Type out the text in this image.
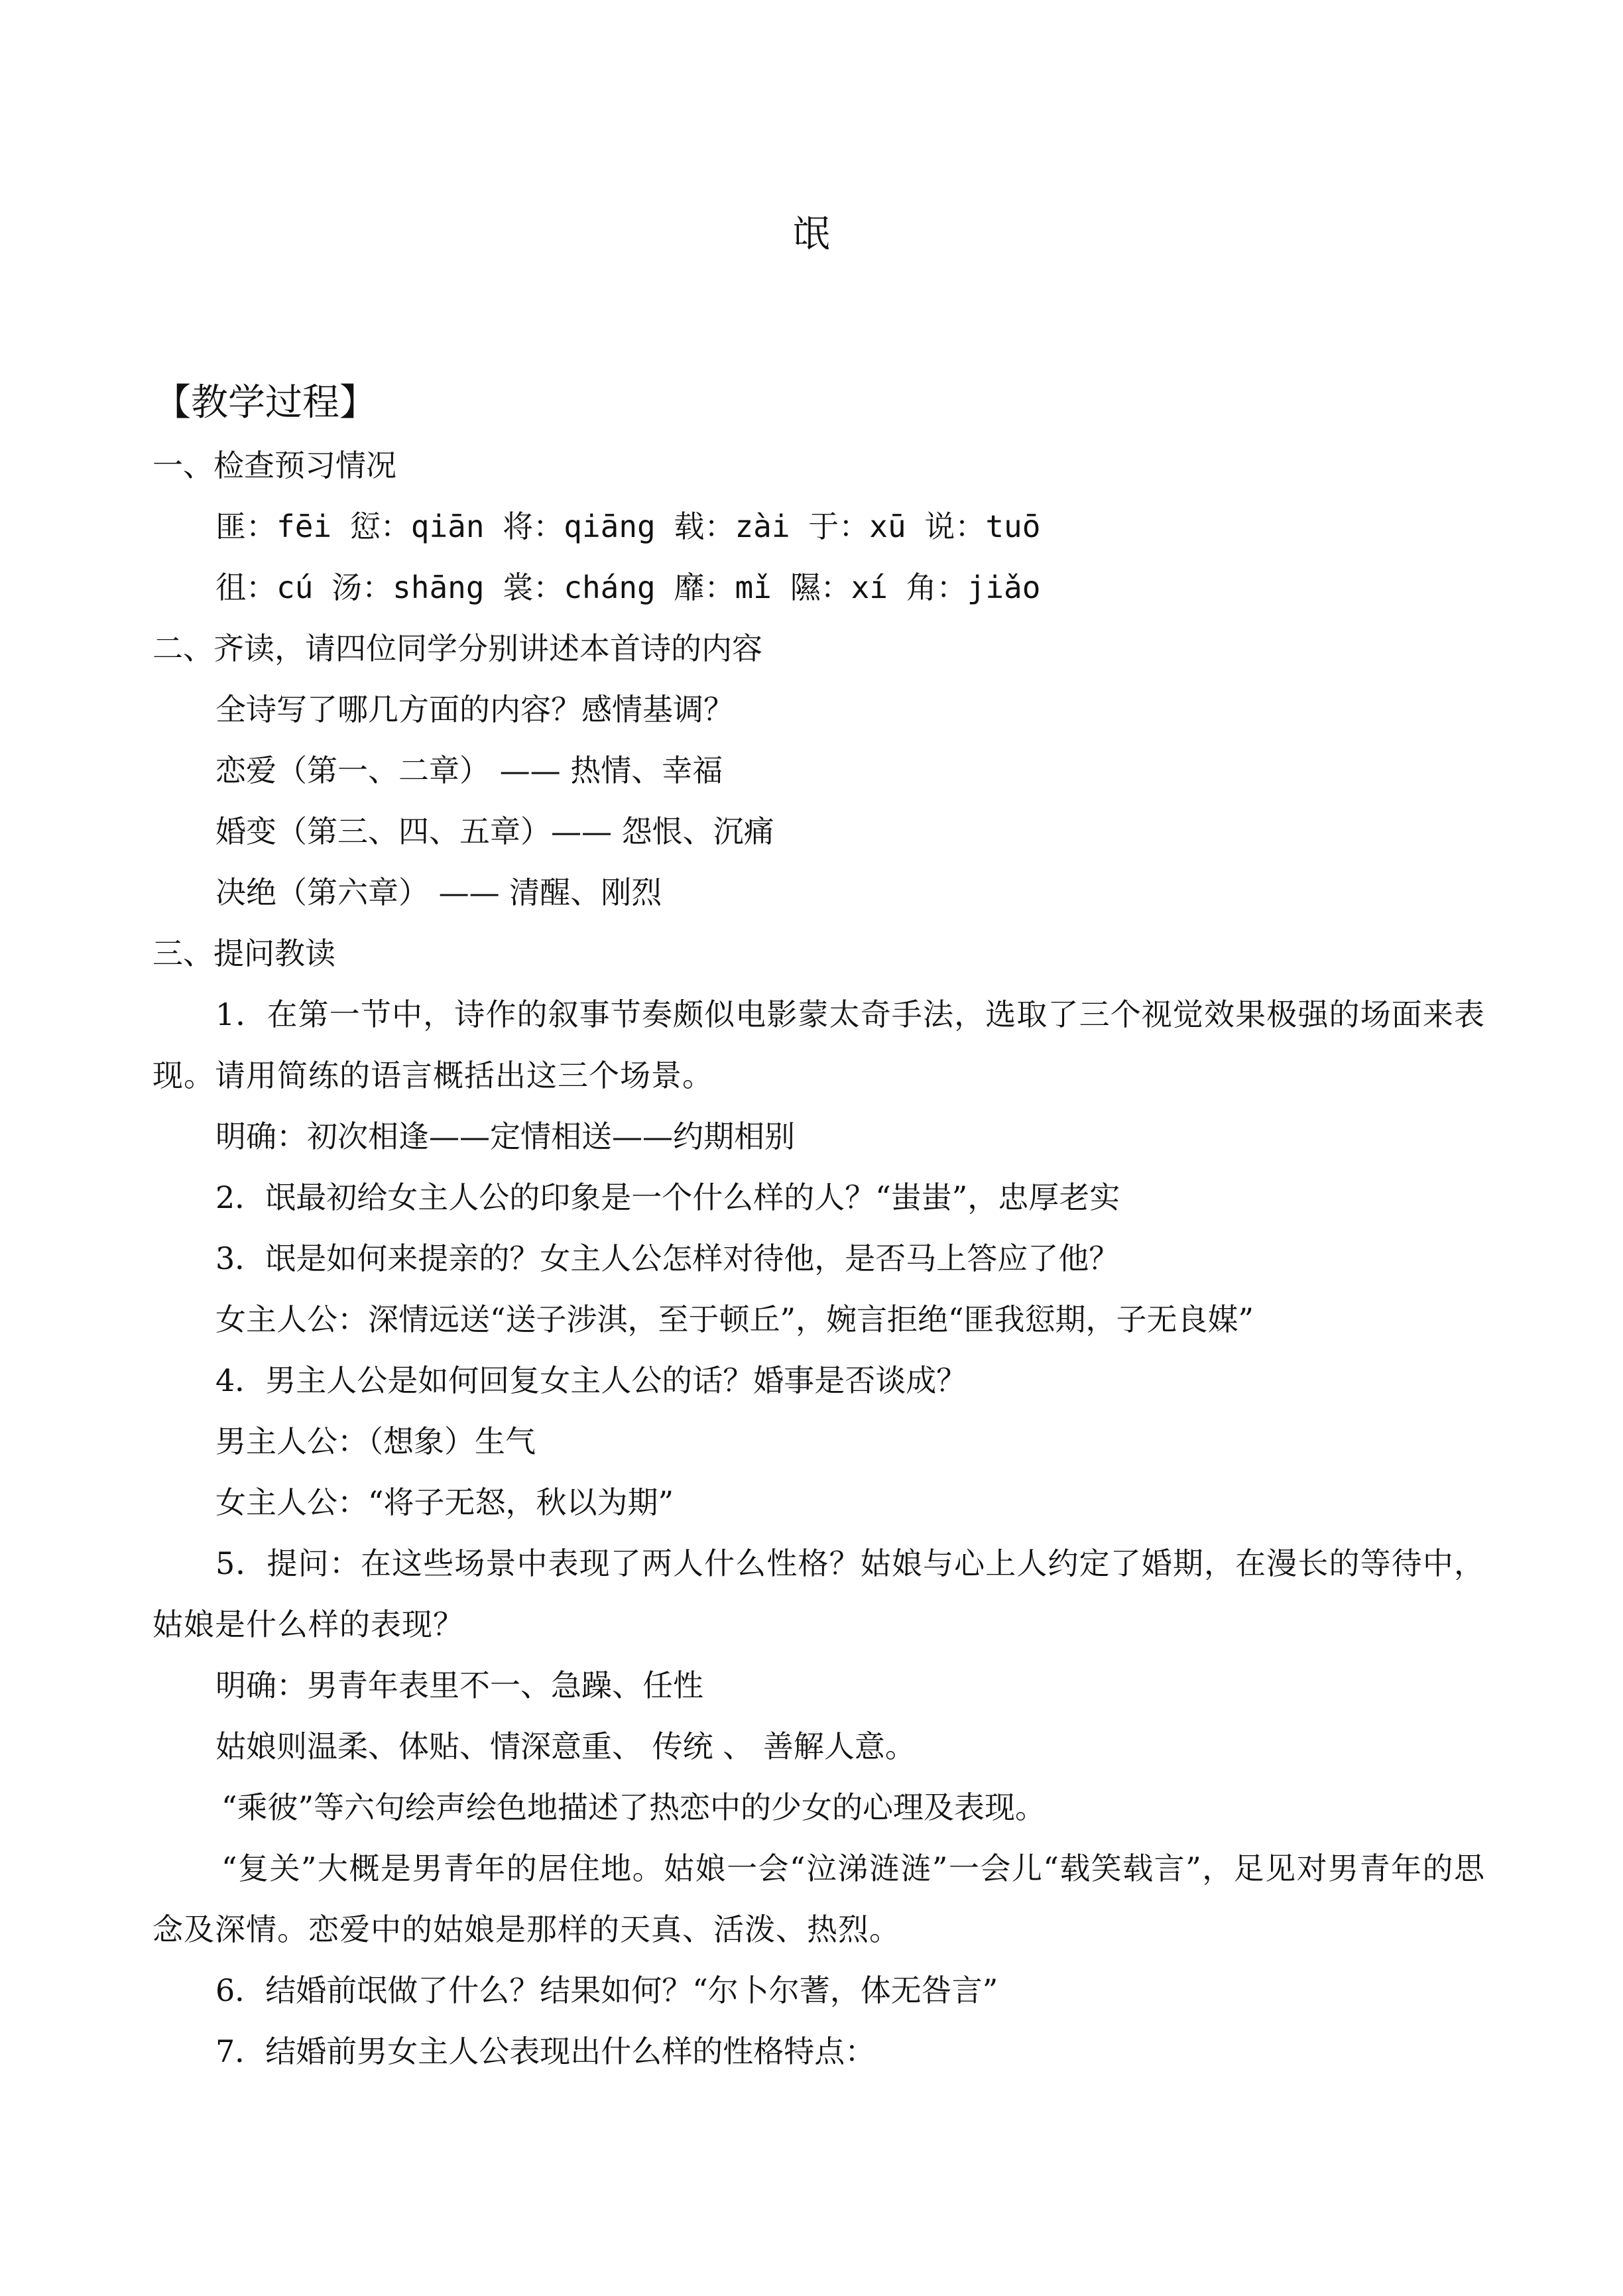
氓
【教学过程】
一、检查预习情况
匪：fēi 愆：qiān 将：qiāng 载：zài 于：xū 说：tuō
徂：cú 汤：shāng 裳：cháng 靡：mǐ 隰：xí 角：jiǎo
二、齐读，请四位同学分别讲述本首诗的内容
全诗写了哪几方面的内容？感情基调？
恋爱（第一、二章） —— 热情、幸福
婚变（第三、四、五章）—— 怨恨、沉痛
决绝（第六章） —— 清醒、刚烈
三、提问教读
1．在第一节中，诗作的叙事节奏颇似电影蒙太奇手法，选取了三个视觉效果极强的场面来表现。请用简练的语言概括出这三个场景。
明确：初次相逢——定情相送——约期相别
2．氓最初给女主人公的印象是一个什么样的人？“蚩蚩”，忠厚老实
3．氓是如何来提亲的？女主人公怎样对待他，是否马上答应了他？
女主人公：深情远送“送子涉淇，至于顿丘”，婉言拒绝“匪我愆期，子无良媒”
4．男主人公是如何回复女主人公的话？婚事是否谈成？
男主人公：（想象）生气
女主人公：“将子无怒，秋以为期”
5．提问：在这些场景中表现了两人什么性格？姑娘与心上人约定了婚期，在漫长的等待中，姑娘是什么样的表现？
明确：男青年表里不一、急躁、任性
姑娘则温柔、体贴、情深意重、 传统 、 善解人意。
“乘彼”等六句绘声绘色地描述了热恋中的少女的心理及表现。
“复关”大概是男青年的居住地。姑娘一会“泣涕涟涟”一会儿“载笑载言”，足见对男青年的思念及深情。恋爱中的姑娘是那样的天真、活泼、热烈。
6．结婚前氓做了什么？结果如何？“尔卜尔蓍，体无咎言”
7．结婚前男女主人公表现出什么样的性格特点：
